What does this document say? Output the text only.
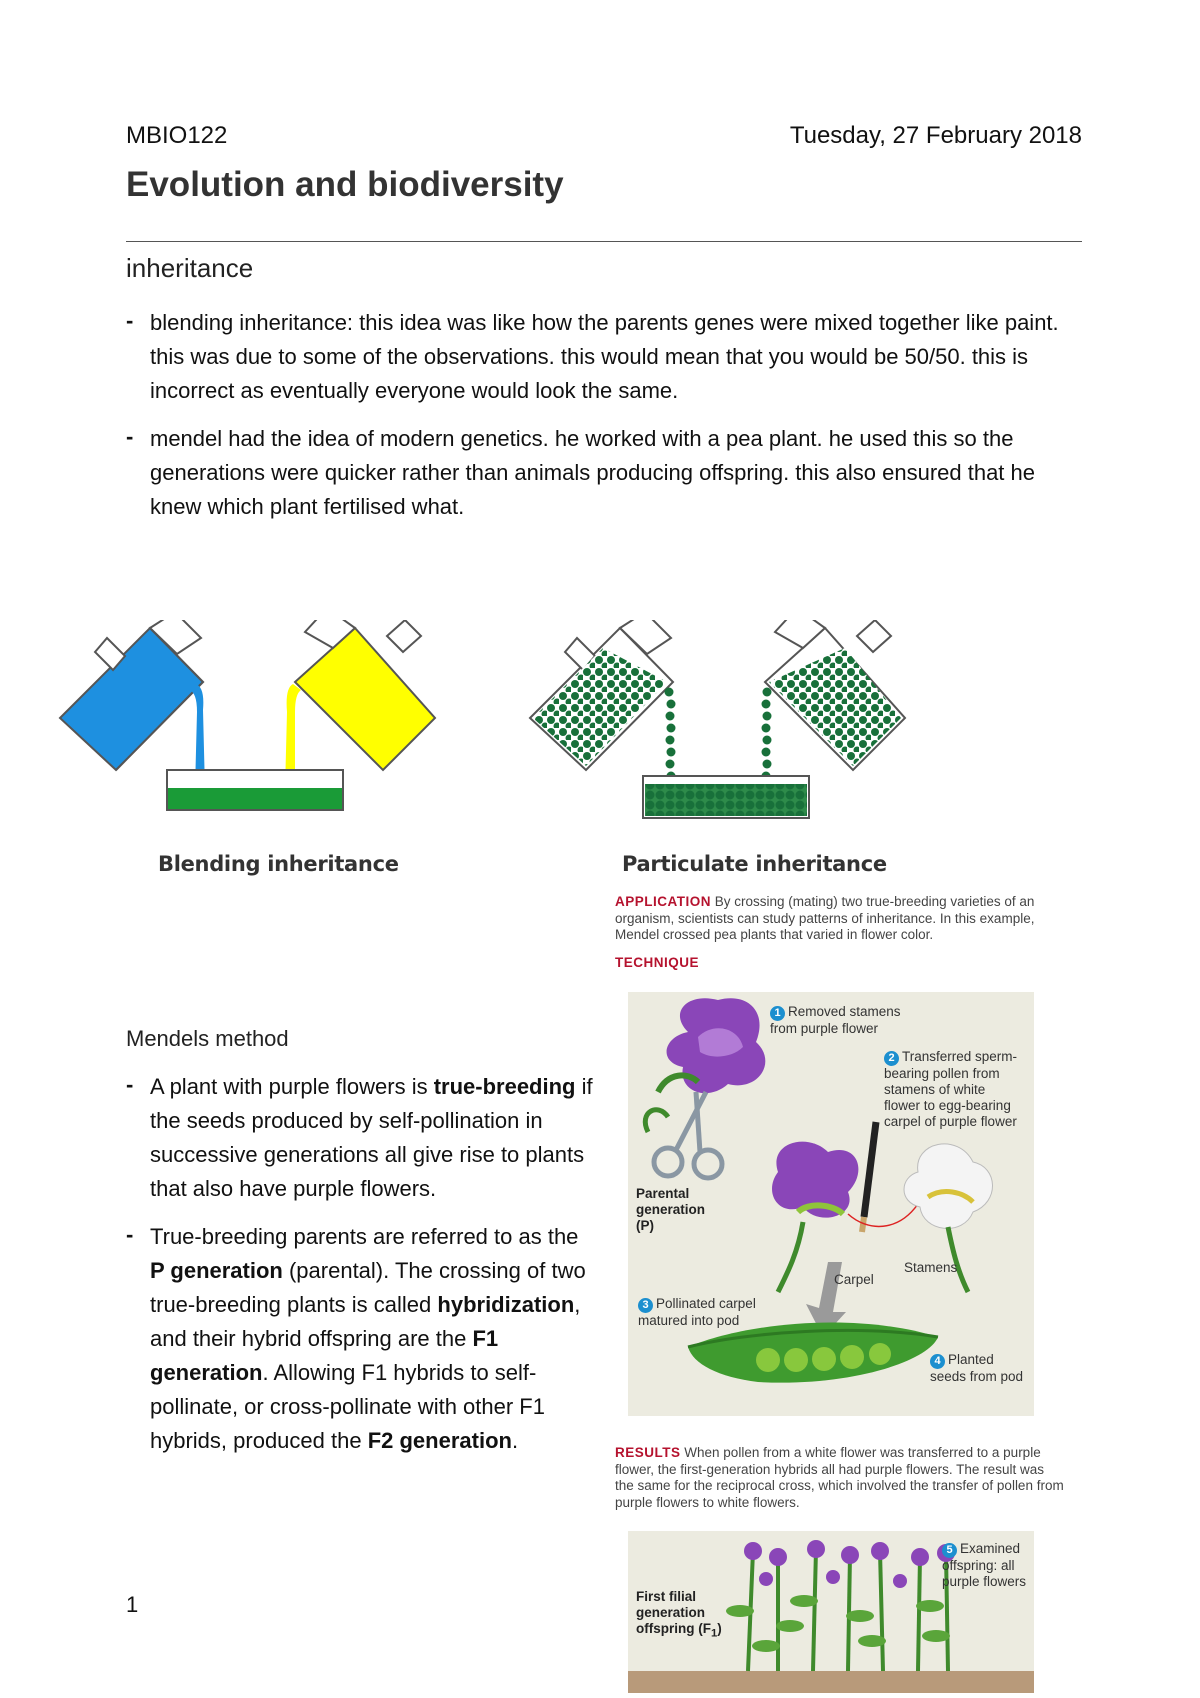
MBIO122	Tuesday, 27 February 2018
Evolution and biodiversity
inheritance
- blending inheritance: this idea was like how the parents genes were mixed together like paint. this was due to some of the observations. this would mean that you would be 50/50. this is incorrect as eventually everyone would look the same.
- mendel had the idea of modern genetics. he worked with a pea plant. he used this so the generations were quicker rather than animals producing offspring. this also ensured that he knew which plant fertilised what.
Blending inheritance	Particulate inheritance
APPLICATION By crossing (mating) two true-breeding varieties of an organism, scientists can study patterns of inheritance. In this example, Mendel crossed pea plants that varied in flower color.
TECHNIQUE
1 Removed stamens from purple flower
2 Transferred sperm-bearing pollen from stamens of white flower to egg-bearing carpel of purple flower
Parental generation (P)
Carpel
Stamens
3 Pollinated carpel matured into pod
4 Planted seeds from pod
RESULTS When pollen from a white flower was transferred to a purple flower, the first-generation hybrids all had purple flowers. The result was the same for the reciprocal cross, which involved the transfer of pollen from purple flowers to white flowers.
First filial generation offspring $(F_1)$
5 Examined offspring: all purple flowers
Mendels method
- A plant with purple flowers is true-breeding if the seeds produced by self-pollination in successive generations all give rise to plants that also have purple flowers.
- True-breeding parents are referred to as the P generation (parental). The crossing of two true-breeding plants is called hybridization, and their hybrid offspring are the F1 generation. Allowing F1 hybrids to self-pollinate, or cross-pollinate with other F1 hybrids, produced the F2 generation.
1
